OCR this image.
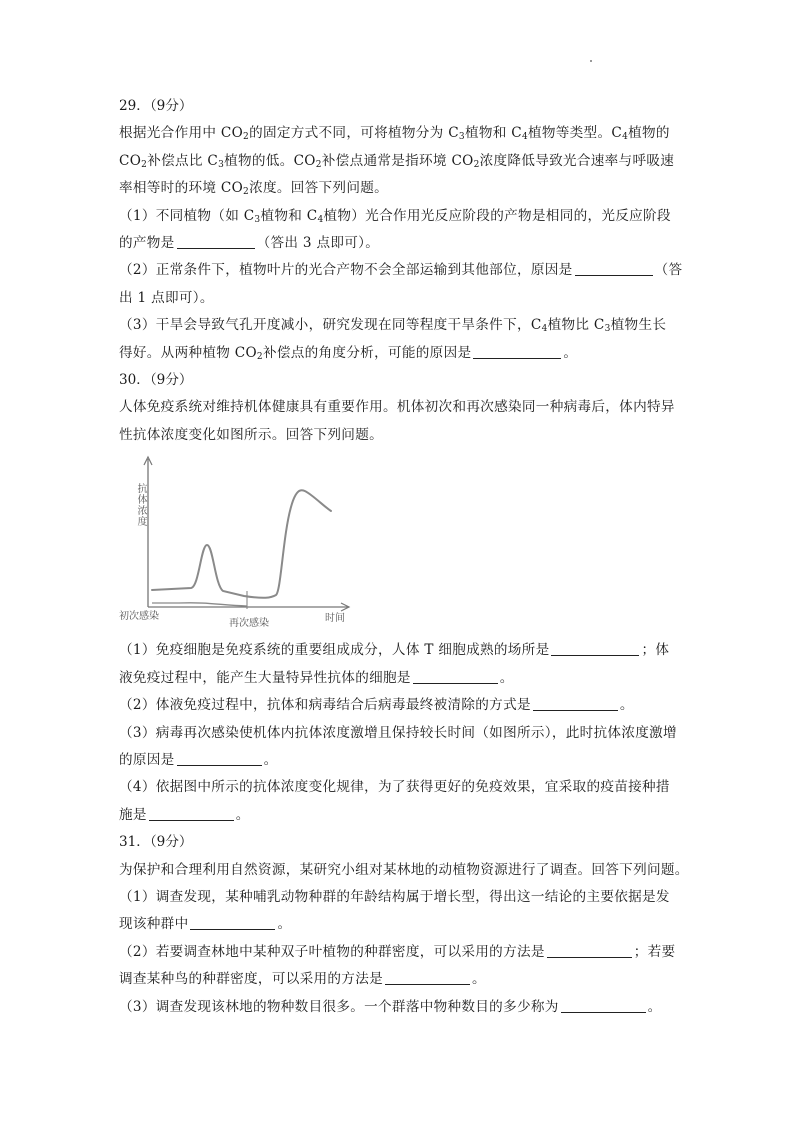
29．（9分）
根据光合作用中 $CO_2$的固定方式不同，可将植物分为 $C_3$植物和 $C_4$植物等类型。$C_4$植物的
$CO_2$补偿点比 $C_3$植物的低。$CO_2$补偿点通常是指环境 $CO_2$浓度降低导致光合速率与呼吸速
率相等时的环境 $CO_2$浓度。回答下列问题。
（1）不同植物（如 $C_3$植物和 $C_4$植物）光合作用光反应阶段的产物是相同的，光反应阶段
的产物是	（答出 3 点即可）。
（2）正常条件下，植物叶片的光合产物不会全部运输到其他部位，原因是	（答
出 1 点即可）。
（3）干旱会导致气孔开度减小，研究发现在同等程度干旱条件下，$C_4$植物比 $C_3$植物生长
得好。从两种植物 $CO_2$补偿点的角度分析，可能的原因是	。
30．（9分）
人体免疫系统对维持机体健康具有重要作用。机体初次和再次感染同一种病毒后，体内特异
性抗体浓度变化如图所示。回答下列问题。
抗体浓度
初次感染
再次感染	时间
（1）免疫细胞是免疫系统的重要组成成分，人体 T 细胞成熟的场所是	；体
液免疫过程中，能产生大量特异性抗体的细胞是	。
（2）体液免疫过程中，抗体和病毒结合后病毒最终被清除的方式是	。
（3）病毒再次感染使机体内抗体浓度激增且保持较长时间（如图所示），此时抗体浓度激增
的原因是	。
（4）依据图中所示的抗体浓度变化规律，为了获得更好的免疫效果，宜采取的疫苗接种措
施是	。
31．（9分）
为保护和合理利用自然资源，某研究小组对某林地的动植物资源进行了调查。回答下列问题。
（1）调查发现，某种哺乳动物种群的年龄结构属于增长型，得出这一结论的主要依据是发
现该种群中	。
（2）若要调查林地中某种双子叶植物的种群密度，可以采用的方法是	；若要
调查某种鸟的种群密度，可以采用的方法是	。
（3）调查发现该林地的物种数目很多。一个群落中物种数目的多少称为	。
